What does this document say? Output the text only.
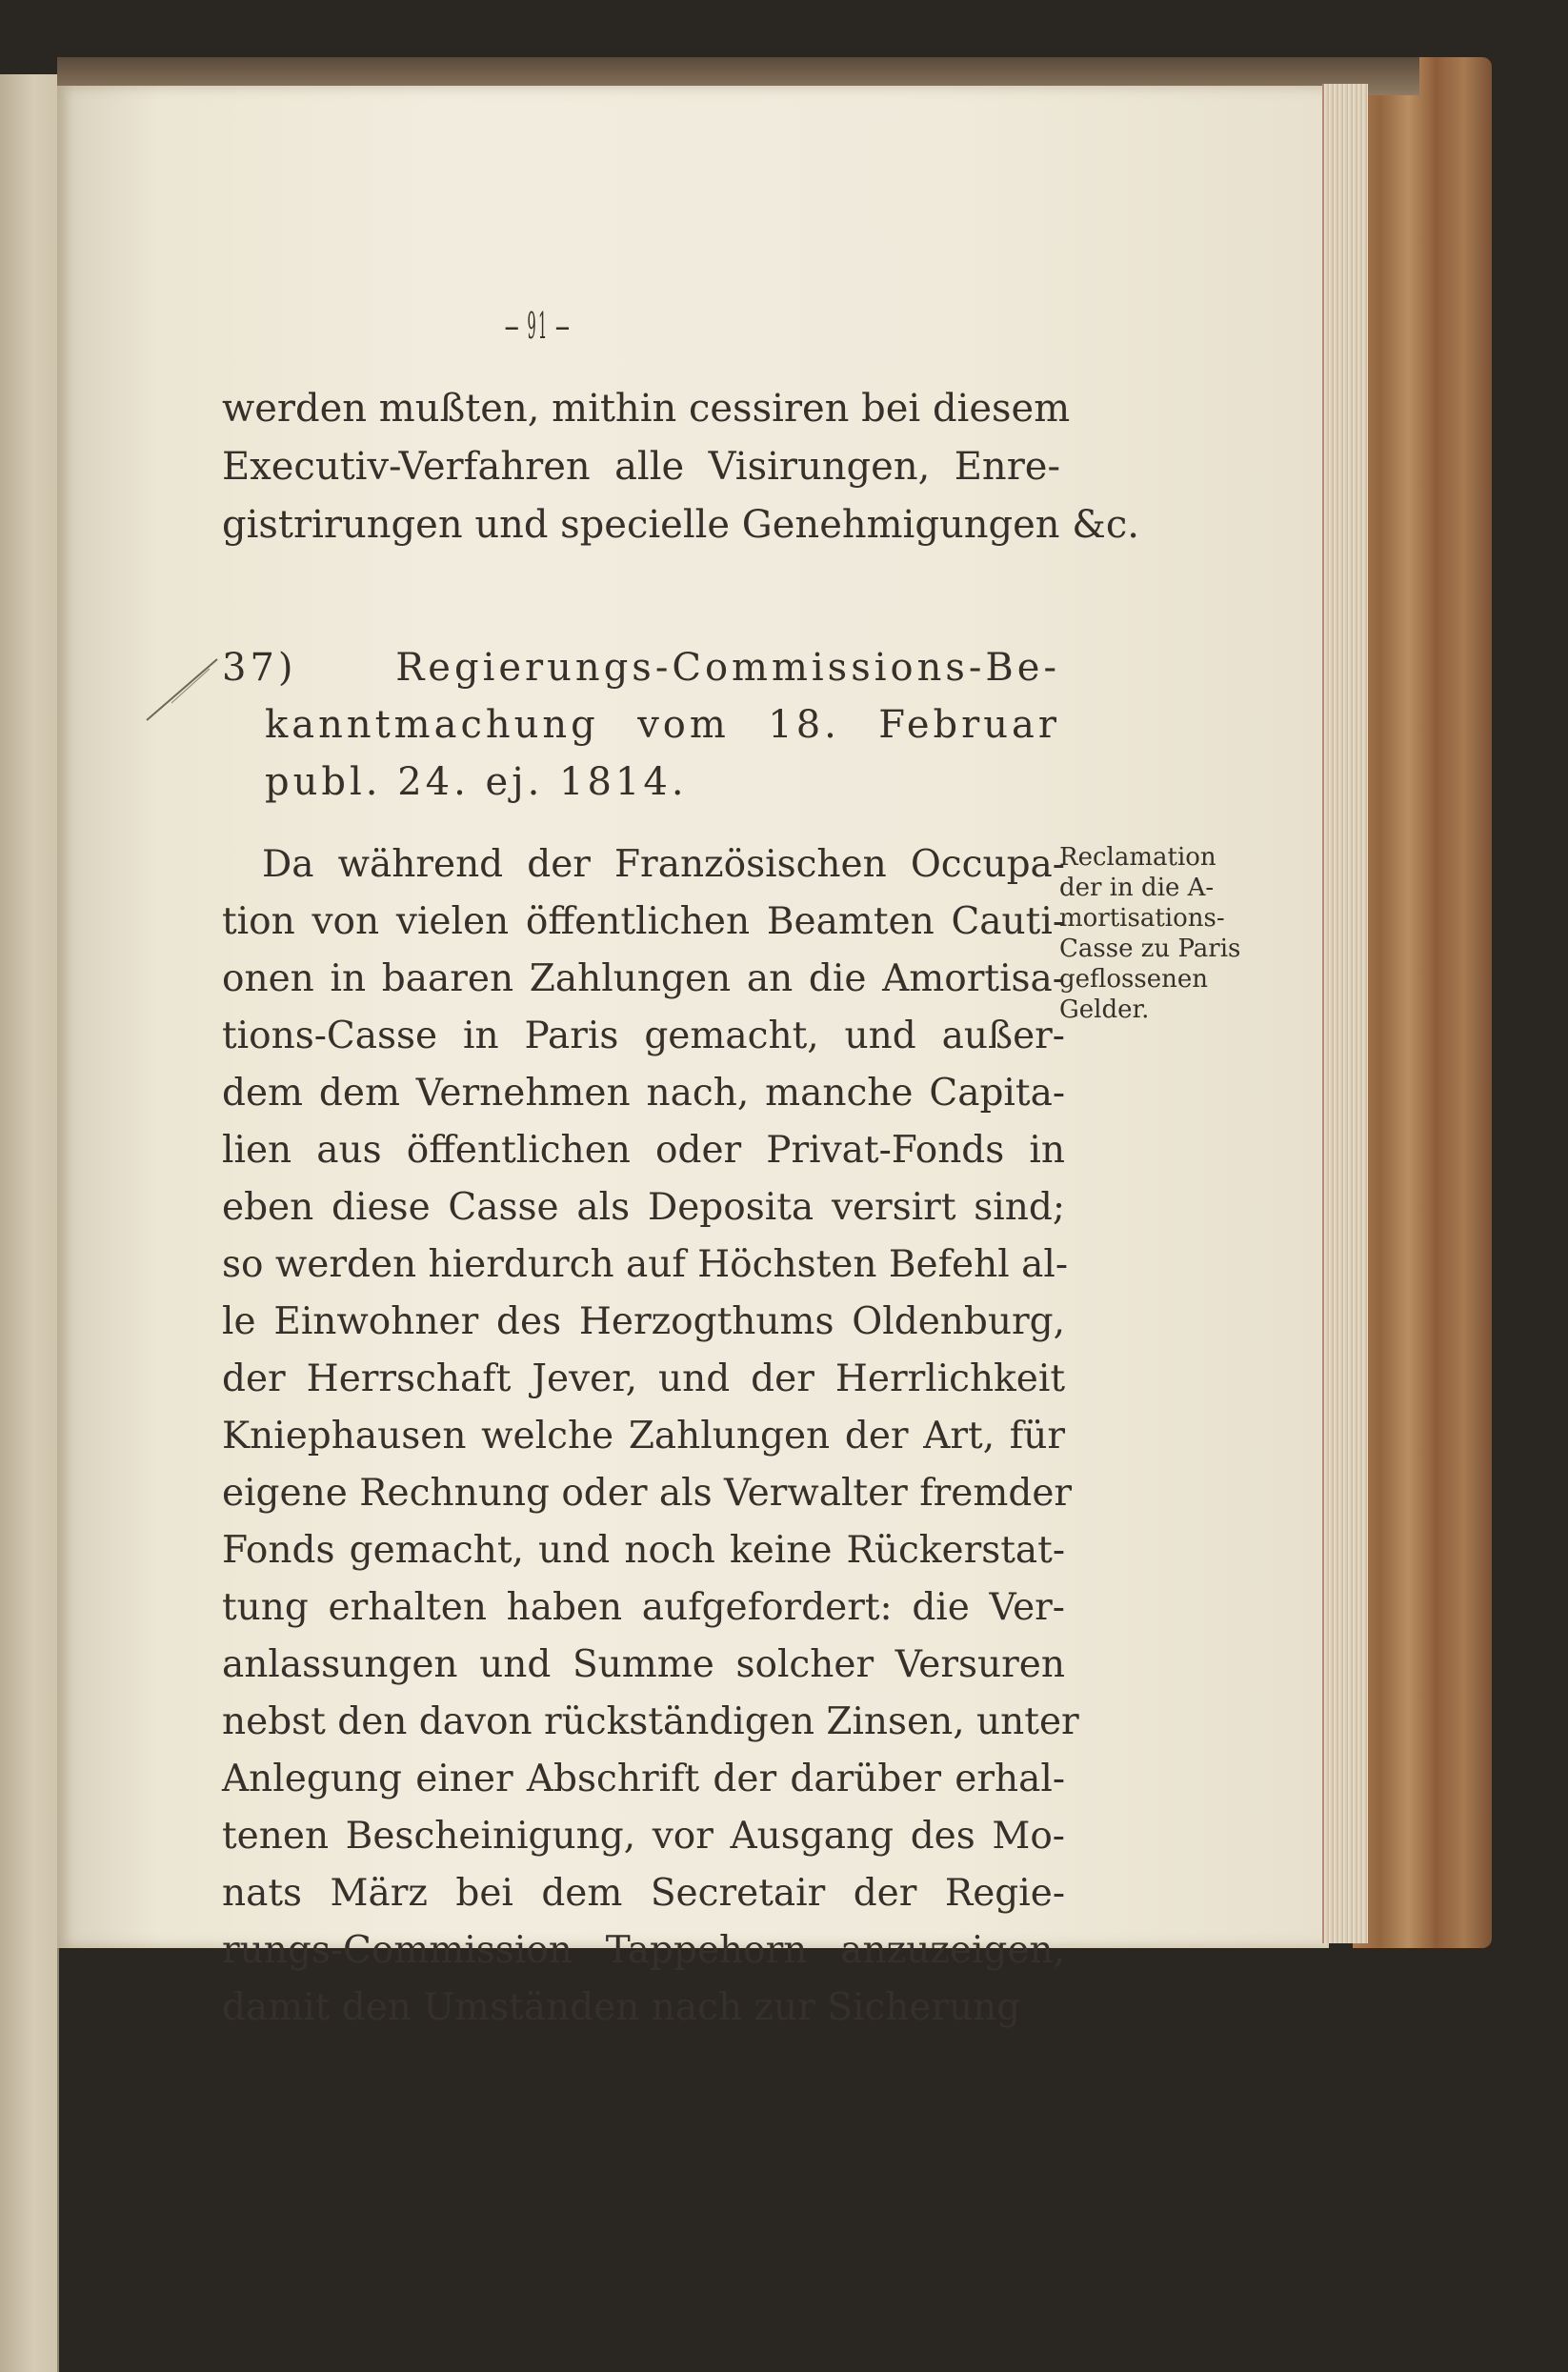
— 91 —

werden mußten, mithin cessiren bei diesem

Executiv-Verfahren alle Visirungen, Enre-

gistrirungen und specielle Genehmigungen &c.

37) Regierungs-Commissions-Be-

kanntmachung vom 18. Februar

publ. 24. ej. 1814.

Da während der Französischen Occupa-

tion von vielen öffentlichen Beamten Cauti-

onen in baaren Zahlungen an die Amortisa-

tions-Casse in Paris gemacht, und außer-

dem dem Vernehmen nach, manche Capita-

lien aus öffentlichen oder Privat-Fonds in

eben diese Casse als Deposita versirt sind;

so werden hierdurch auf Höchsten Befehl al-

le Einwohner des Herzogthums Oldenburg,

der Herrschaft Jever, und der Herrlichkeit

Kniephausen welche Zahlungen der Art, für

eigene Rechnung oder als Verwalter fremder

Fonds gemacht, und noch keine Rückerstat-

tung erhalten haben aufgefordert: die Ver-

anlassungen und Summe solcher Versuren

nebst den davon rückständigen Zinsen, unter

Anlegung einer Abschrift der darüber erhal-

tenen Bescheinigung, vor Ausgang des Mo-

nats März bei dem Secretair der Regie-

rungs-Commission Tappehorn anzuzeigen,

damit den Umständen nach zur Sicherung

Reclamation

der in die A-

mortisations-

Casse zu Paris

geflossenen

Gelder.
